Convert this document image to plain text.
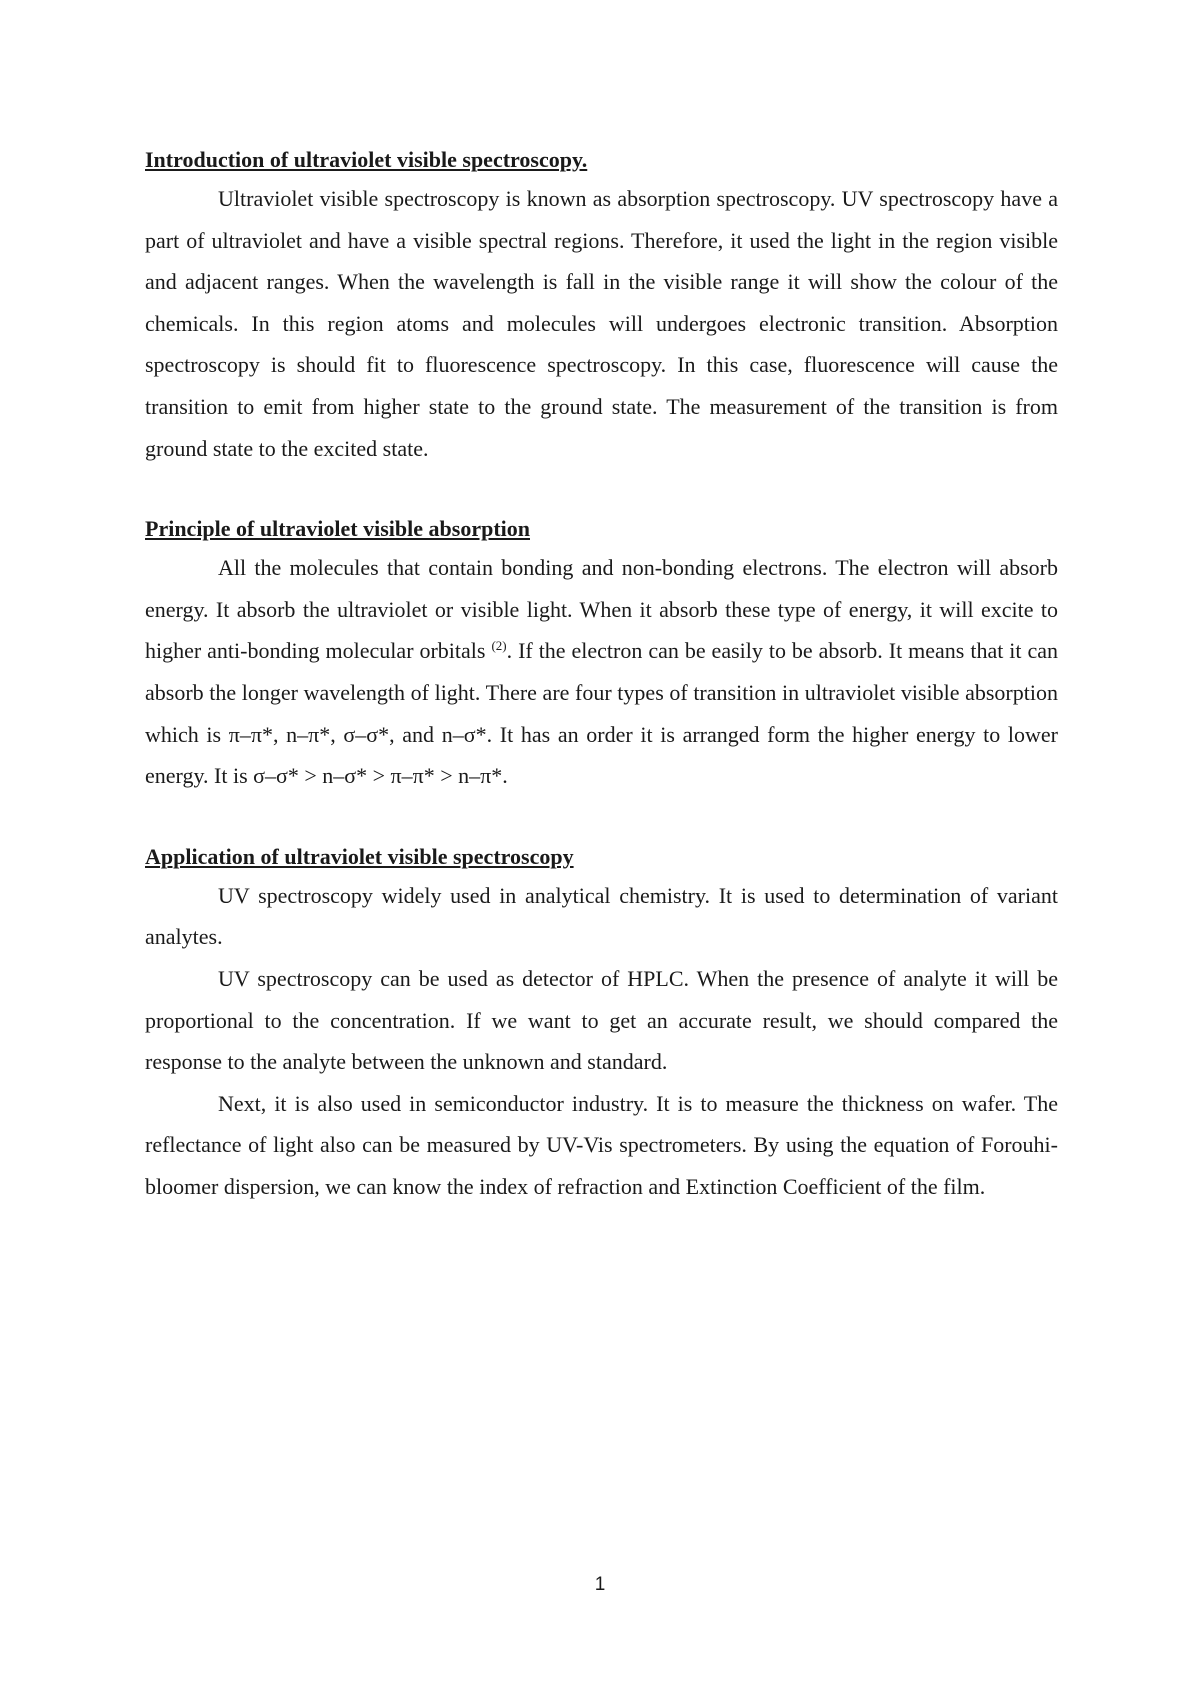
Introduction of ultraviolet visible spectroscopy.

Ultraviolet visible spectroscopy is known as absorption spectroscopy. UV spectroscopy have a part of ultraviolet and have a visible spectral regions. Therefore, it used the light in the region visible and adjacent ranges. When the wavelength is fall in the visible range it will show the colour of the chemicals. In this region atoms and molecules will undergoes electronic transition. Absorption spectroscopy is should fit to fluorescence spectroscopy. In this case, fluorescence will cause the transition to emit from higher state to the ground state. The measurement of the transition is from ground state to the excited state.

Principle of ultraviolet visible absorption

All the molecules that contain bonding and non-bonding electrons. The electron will absorb energy. It absorb the ultraviolet or visible light. When it absorb these type of energy, it will excite to higher anti-bonding molecular orbitals $^{(2)}$. If the electron can be easily to be absorb. It means that it can absorb the longer wavelength of light. There are four types of transition in ultraviolet visible absorption which is π–π*, n–π*, σ–σ*, and n–σ*. It has an order it is arranged form the higher energy to lower energy. It is σ–σ* > n–σ* > π–π* > n–π*.

Application of ultraviolet visible spectroscopy

UV spectroscopy widely used in analytical chemistry. It is used to determination of variant analytes.

UV spectroscopy can be used as detector of HPLC. When the presence of analyte it will be proportional to the concentration. If we want to get an accurate result, we should compared the response to the analyte between the unknown and standard.

Next, it is also used in semiconductor industry. It is to measure the thickness on wafer. The reflectance of light also can be measured by UV-Vis spectrometers. By using the equation of Forouhi-bloomer dispersion, we can know the index of refraction and Extinction Coefficient of the film.

1
